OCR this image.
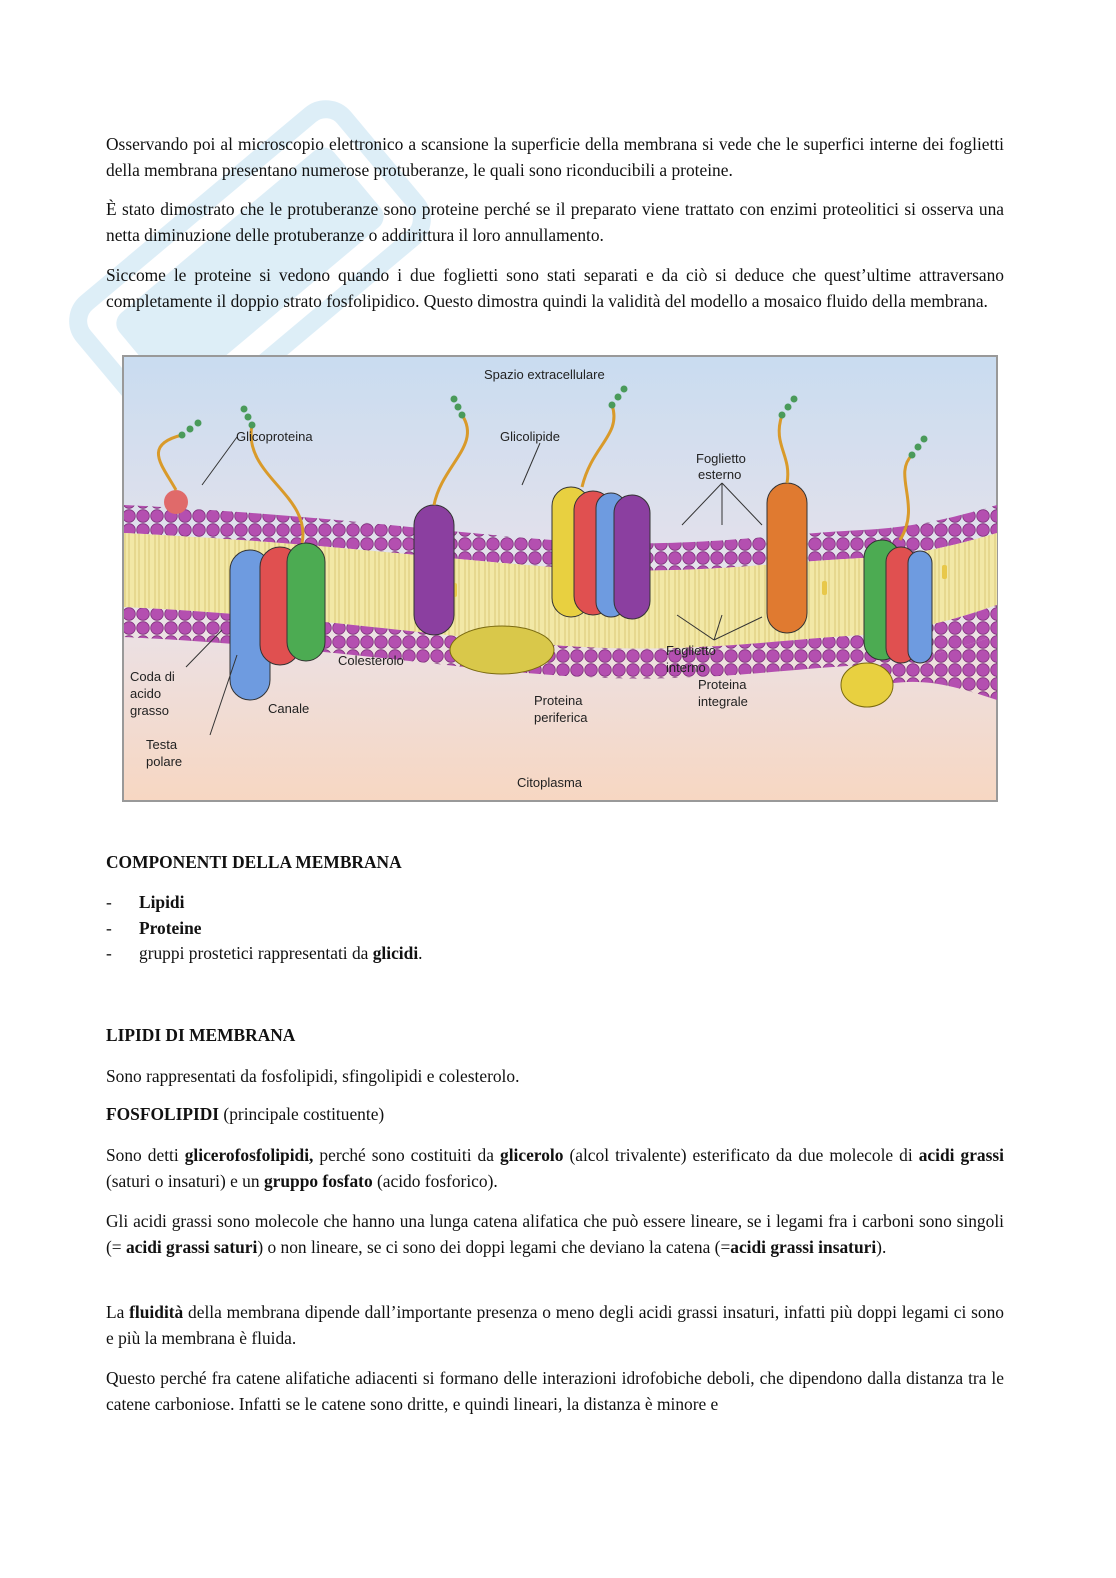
Osservando poi al microscopio elettronico a scansione la superficie della membrana si vede che le superfici interne dei foglietti della membrana presentano numerose protuberanze, le quali sono riconducibili a proteine.
È stato dimostrato che le protuberanze sono proteine perché se il preparato viene trattato con enzimi proteolitici si osserva una netta diminuzione delle protuberanze o addirittura il loro annullamento.
Siccome le proteine si vedono quando i due foglietti sono stati separati e da ciò si deduce che quest’ultime attraversano completamente il doppio strato fosfolipidico. Questo dimostra quindi la validità del modello a mosaico fluido della membrana.
Spazio extracellulare
Glicoproteina	Glicolipide
Foglietto
esterno
Coda di
acido
grasso
Colesterolo
Canale
Testa
polare
Proteina
periferica
Foglietto
interno
Proteina
integrale
Citoplasma
COMPONENTI DELLA MEMBRANA
- Lipidi
- Proteine
- gruppi prostetici rappresentati da glicidi.
LIPIDI DI MEMBRANA
Sono rappresentati da fosfolipidi, sfingolipidi e colesterolo.
FOSFOLIPIDI (principale costituente)
Sono detti glicerofosfolipidi, perché sono costituiti da glicerolo (alcol trivalente) esterificato da due molecole di acidi grassi (saturi o insaturi) e un gruppo fosfato (acido fosforico).
Gli acidi grassi sono molecole che hanno una lunga catena alifatica che può essere lineare, se i legami fra i carboni sono singoli (= acidi grassi saturi) o non lineare, se ci sono dei doppi legami che deviano la catena (=acidi grassi insaturi).
La fluidità della membrana dipende dall’importante presenza o meno degli acidi grassi insaturi, infatti più doppi legami ci sono e più la membrana è fluida.
Questo perché fra catene alifatiche adiacenti si formano delle interazioni idrofobiche deboli, che dipendono dalla distanza tra le catene carboniose. Infatti se le catene sono dritte, e quindi lineari, la distanza è minore e
